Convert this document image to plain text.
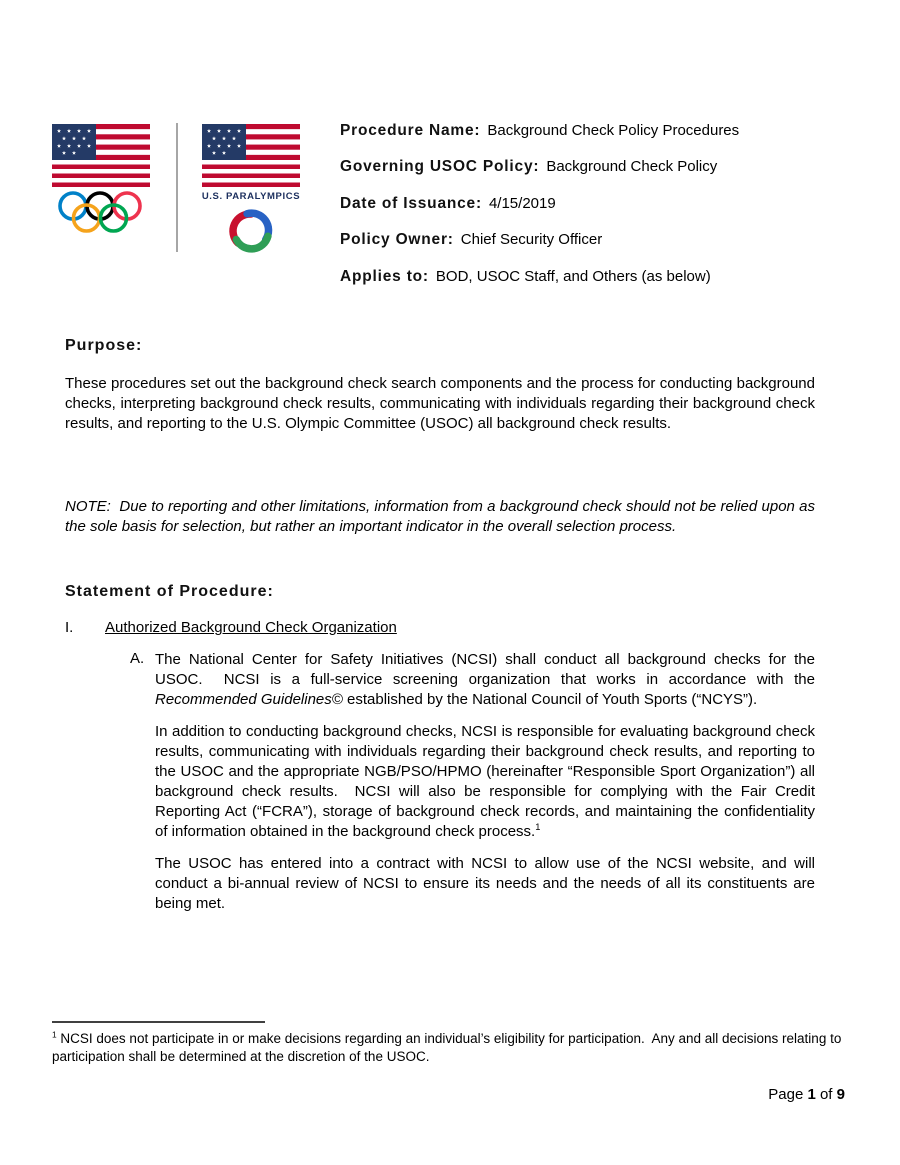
U.S. PARALYMPICS
Procedure Name: Background Check Policy Procedures
Governing USOC Policy: Background Check Policy
Date of Issuance: 4/15/2019
Policy Owner: Chief Security Officer
Applies to: BOD, USOC Staff, and Others (as below)
Purpose:
These procedures set out the background check search components and the process for conducting background checks, interpreting background check results, communicating with individuals regarding their background check results, and reporting to the U.S. Olympic Committee (USOC) all background check results.
NOTE:  Due to reporting and other limitations, information from a background check should not be relied upon as the sole basis for selection, but rather an important indicator in the overall selection process.
Statement of Procedure:
I. Authorized Background Check Organization
A. The National Center for Safety Initiatives (NCSI) shall conduct all background checks for the USOC.  NCSI is a full-service screening organization that works in accordance with the Recommended Guidelines© established by the National Council of Youth Sports (“NCYS”).
In addition to conducting background checks, NCSI is responsible for evaluating background check results, communicating with individuals regarding their background check results, and reporting to the USOC and the appropriate NGB/PSO/HPMO (hereinafter “Responsible Sport Organization”) all background check results.  NCSI will also be responsible for complying with the Fair Credit Reporting Act (“FCRA”), storage of background check records, and maintaining the confidentiality of information obtained in the background check process.$^1$
The USOC has entered into a contract with NCSI to allow use of the NCSI website, and will conduct a bi-annual review of NCSI to ensure its needs and the needs of all its constituents are being met.
$^1$ NCSI does not participate in or make decisions regarding an individual’s eligibility for participation.  Any and all decisions relating to participation shall be determined at the discretion of the USOC.

Page 1 of 9
